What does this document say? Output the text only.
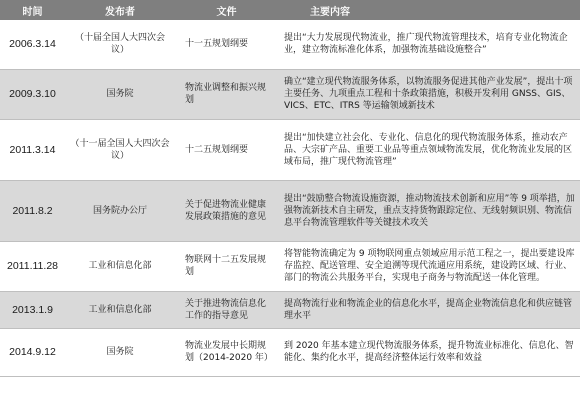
时间	发布者	文件	主要内容
2006.3.14	（十届全国人大四次会议）	十一五规划纲要	提出“大力发展现代物流业，推广现代物流管理技术，培育专业化物流企业，建立物流标准化体系，加强物流基础设施整合”
2009.3.10	国务院	物流业调整和振兴规划	确立“建立现代物流服务体系，以物流服务促进其他产业发展”，提出十项主要任务、九项重点工程和十条政策措施，积极开发利用 GNSS、GIS、VICS、ETC、ITRS 等运输领域新技术
2011.3.14	（十一届全国人大四次会议）	十二五规划纲要	提出“加快建立社会化、专业化、信息化的现代物流服务体系，推动农产品、大宗矿产品、重要工业品等重点领域物流发展，优化物流业发展的区域布局，推广现代物流管理”
2011.8.2	国务院办公厅	关于促进物流业健康发展政策措施的意见	提出“鼓励整合物流设施资源，推动物流技术创新和应用”等 9 项举措，加强物流新技术自主研发，重点支持货物跟踪定位、无线射频识别、物流信息平台物流管理软件等关键技术攻关
2011.11.28	工业和信息化部	物联网十二五发展规划	将智能物流确定为 9 项物联网重点领域应用示范工程之一，提出要建设库存监控、配送管理、安全追溯等现代流通应用系统，建设跨区域、行业、部门的物流公共服务平台，实现电子商务与物流配送一体化管理。
2013.1.9	工业和信息化部	关于推进物流信息化工作的指导意见	提高物流行业和物流企业的信息化水平，提高企业物流信息化和供应链管理水平
2014.9.12	国务院	物流业发展中长期规划（2014-2020 年）	到 2020 年基本建立现代物流服务体系，提升物流业标准化、信息化、智能化、集约化水平，提高经济整体运行效率和效益
